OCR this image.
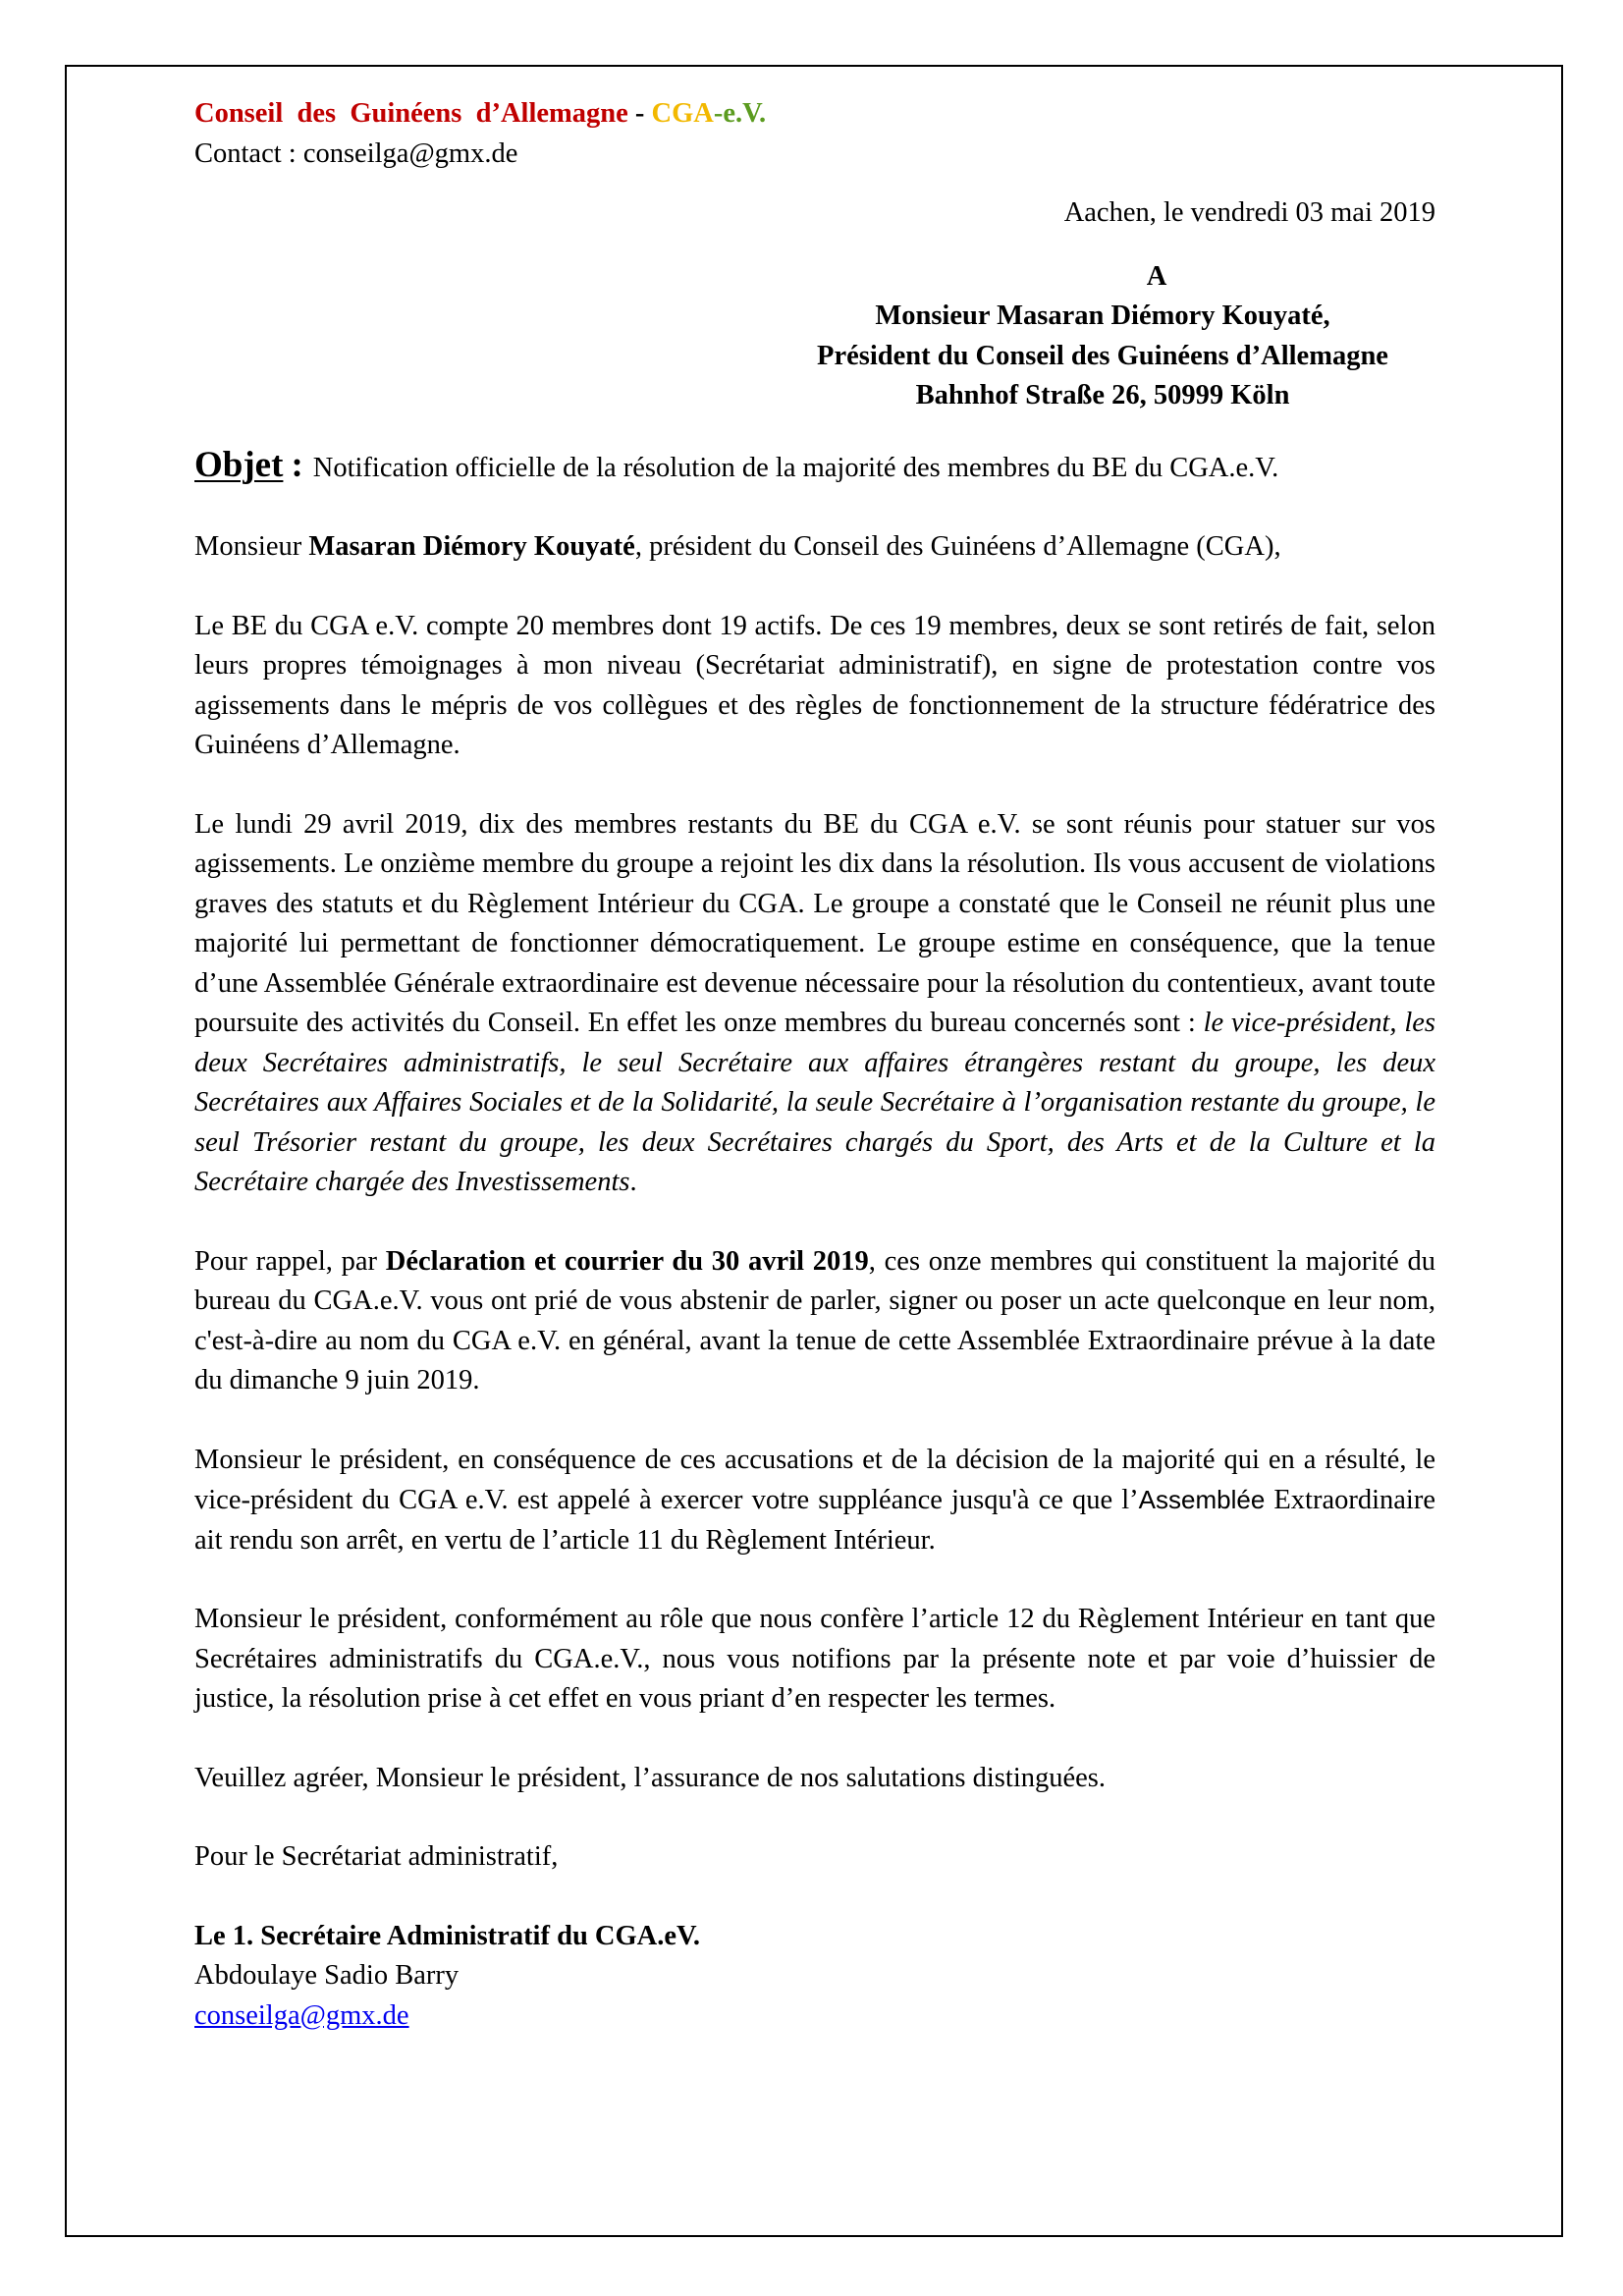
Conseil  des  Guinéens  d’Allemagne - CGA -e.V.
Contact : conseilga@gmx.de
Aachen, le vendredi 03 mai 2019
A
Monsieur Masaran Diémory Kouyaté,
Président du Conseil des Guinéens d’Allemagne
Bahnhof Straße 26, 50999 Köln
Objet : Notification officielle de la résolution de la majorité des membres du BE du CGA.e.V.
Monsieur Masaran Diémory Kouyaté, président du Conseil des Guinéens d’Allemagne (CGA),
Le BE du CGA e.V. compte 20 membres dont 19 actifs. De ces 19 membres, deux se sont retirés de fait, selon leurs propres témoignages à mon niveau (Secrétariat administratif), en signe de protestation contre vos agissements dans le mépris de vos collègues et des règles de fonctionnement de la structure fédératrice des Guinéens d’Allemagne.
Le lundi 29 avril 2019, dix des membres restants du BE du CGA e.V. se sont réunis pour statuer sur vos agissements. Le onzième membre du groupe a rejoint les dix dans la résolution. Ils vous accusent de violations graves des statuts et du Règlement Intérieur du CGA. Le groupe a constaté que le Conseil ne réunit plus une majorité lui permettant de fonctionner démocratiquement. Le groupe estime en conséquence, que la tenue d’une Assemblée Générale extraordinaire est devenue nécessaire pour la résolution du contentieux, avant toute poursuite des activités du Conseil. En effet les onze membres du bureau concernés sont : le vice-président, les deux Secrétaires administratifs, le seul Secrétaire aux affaires étrangères restant du groupe, les deux Secrétaires aux Affaires Sociales et de la Solidarité, la seule Secrétaire à l’organisation restante du groupe, le seul Trésorier restant du groupe, les deux Secrétaires chargés du Sport, des Arts et de la Culture et la Secrétaire chargée des Investissements.
Pour rappel, par Déclaration et courrier du 30 avril 2019, ces onze membres qui constituent la majorité du bureau du CGA.e.V. vous ont prié de vous abstenir de parler, signer ou poser un acte quelconque en leur nom, c'est-à-dire au nom du CGA e.V. en général, avant la tenue de cette Assemblée Extraordinaire prévue à la date du dimanche 9 juin 2019.
Monsieur le président, en conséquence de ces accusations et de la décision de la majorité qui en a résulté, le vice-président du CGA e.V. est appelé à exercer votre suppléance jusqu'à ce que l’Assemblée Extraordinaire ait rendu son arrêt, en vertu de l’article 11 du Règlement Intérieur.
Monsieur le président, conformément au rôle que nous confère l’article 12 du Règlement Intérieur en tant que Secrétaires administratifs du CGA.e.V., nous vous notifions par la présente note et par voie d’huissier de justice, la résolution prise à cet effet en vous priant d’en respecter les termes.
Veuillez agréer, Monsieur le président, l’assurance de nos salutations distinguées.
Pour le Secrétariat administratif,
Le 1. Secrétaire Administratif du CGA.eV.
Abdoulaye Sadio Barry
conseilga@gmx.de
